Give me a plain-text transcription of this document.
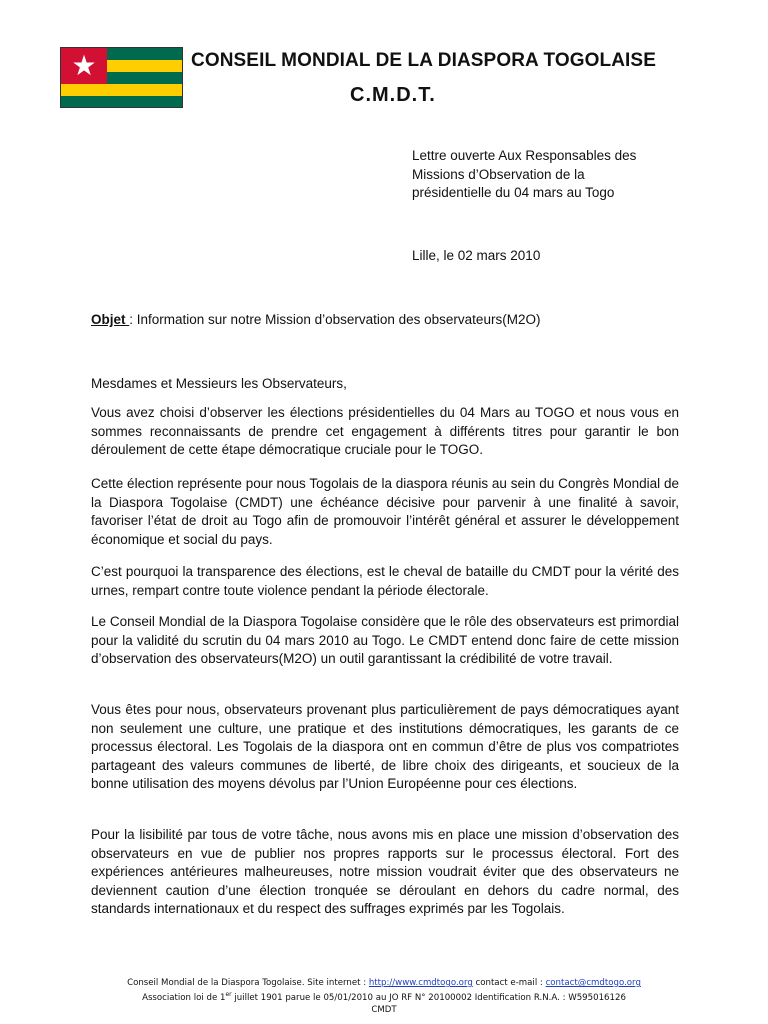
★	CONSEIL MONDIAL DE LA DIASPORA TOGOLAISE
C.M.D.T.
Lettre ouverte Aux Responsables des
Missions d’Observation de la
présidentielle du 04 mars au Togo
Lille, le 02 mars 2010
Objet : Information sur notre Mission d’observation des observateurs(M2O)
Mesdames et Messieurs les Observateurs,

Vous avez choisi d’observer les élections présidentielles du 04 Mars au TOGO et nous vous en sommes reconnaissants de prendre cet engagement à différents titres pour garantir le bon déroulement de cette étape démocratique cruciale pour le TOGO.

Cette élection représente pour nous Togolais de la diaspora réunis au sein du Congrès Mondial de la Diaspora Togolaise (CMDT) une échéance décisive pour parvenir à une finalité à savoir, favoriser l’état de droit au Togo afin de promouvoir l’intérêt général et assurer le développement économique et social du pays.

C’est pourquoi la transparence des élections, est le cheval de bataille du CMDT pour la vérité des urnes, rempart contre toute violence pendant la période électorale.

Le Conseil Mondial de la Diaspora Togolaise considère que le rôle des observateurs est primordial pour la validité du scrutin du 04 mars 2010 au Togo. Le CMDT entend donc faire de cette mission d’observation des observateurs(M2O) un outil garantissant la crédibilité de votre travail.

Vous êtes pour nous, observateurs provenant plus particulièrement de pays démocratiques ayant non seulement une culture, une pratique et des institutions démocratiques, les garants de ce processus électoral. Les Togolais de la diaspora ont en commun d’être de plus vos compatriotes partageant des valeurs communes de liberté, de libre choix des dirigeants, et soucieux de la bonne utilisation des moyens dévolus par l’Union Européenne pour ces élections.

Pour la lisibilité par tous de votre tâche, nous avons mis en place une mission d’observation des observateurs en vue de publier nos propres rapports sur le processus électoral. Fort des expériences antérieures malheureuses, notre mission voudrait éviter que des observateurs ne deviennent caution d’une élection tronquée se déroulant en dehors du cadre normal, des standards internationaux et du respect des suffrages exprimés par les Togolais.

Conseil Mondial de la Diaspora Togolaise. Site internet : http://www.cmdtogo.org contact e-mail : contact@cmdtogo.org
Association loi de 1er juillet 1901 parue le 05/01/2010 au JO RF N° 20100002 Identification R.N.A. : W595016126
CMDT
